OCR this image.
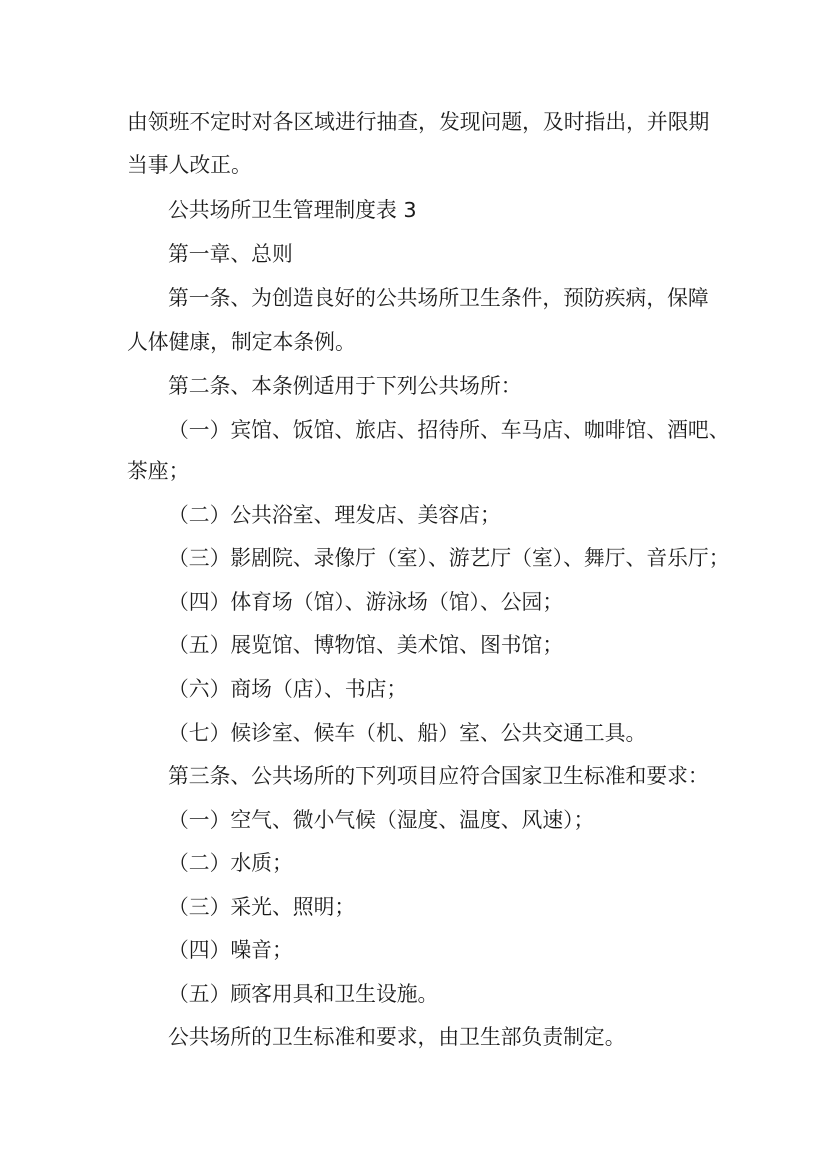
由领班不定时对各区域进行抽查，发现问题，及时指出，并限期
当事人改正。
公共场所卫生管理制度表 3
第一章、总则
第一条、为创造良好的公共场所卫生条件，预防疾病，保障
人体健康，制定本条例。
第二条、本条例适用于下列公共场所：
（一）宾馆、饭馆、旅店、招待所、车马店、咖啡馆、酒吧、
茶座；
（二）公共浴室、理发店、美容店；
（三）影剧院、录像厅（室）、游艺厅（室）、舞厅、音乐厅；
（四）体育场（馆）、游泳场（馆）、公园；
（五）展览馆、博物馆、美术馆、图书馆；
（六）商场（店）、书店；
（七）候诊室、候车（机、船）室、公共交通工具。
第三条、公共场所的下列项目应符合国家卫生标准和要求：
（一）空气、微小气候（湿度、温度、风速）；
（二）水质；
（三）采光、照明；
（四）噪音；
（五）顾客用具和卫生设施。
公共场所的卫生标准和要求，由卫生部负责制定。
